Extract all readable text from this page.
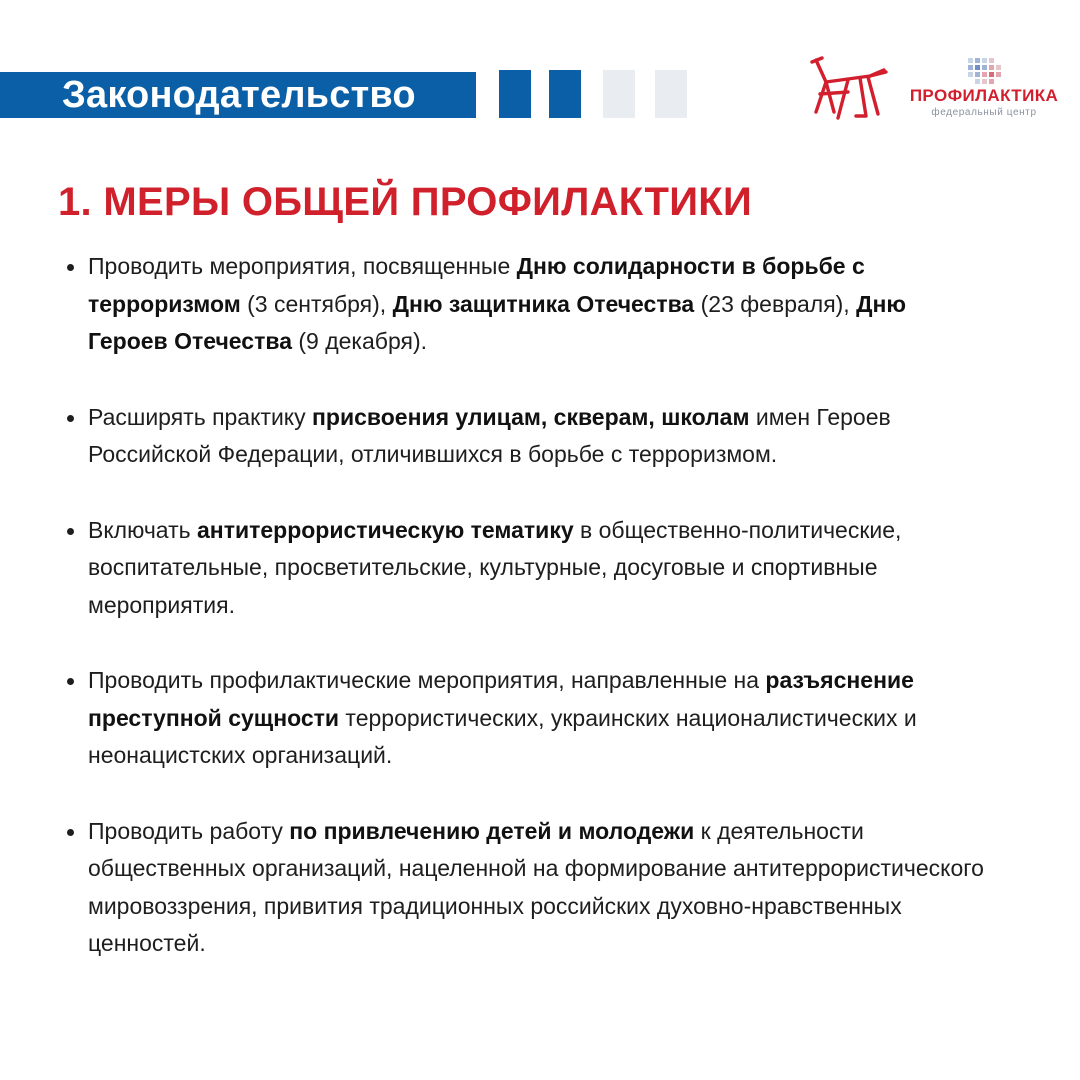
Законодательство	ПРОФИЛАКТИКА
федеральный центр
1. МЕРЫ ОБЩЕЙ ПРОФИЛАКТИКИ
Проводить мероприятия, посвященные Дню солидарности в борьбе с терроризмом (3 сентября), Дню защитника Отечества (23 февраля), Дню Героев Отечества (9 декабря).
Расширять практику присвоения улицам, скверам, школам имен Героев Российской Федерации, отличившихся в борьбе с терроризмом.
Включать антитеррористическую тематику в общественно-политические, воспитательные, просветительские, культурные, досуговые и спортивные мероприятия.
Проводить профилактические мероприятия, направленные на разъяснение преступной сущности террористических, украинских националистических и неонацистских организаций.
Проводить работу по привлечению детей и молодежи к деятельности общественных организаций, нацеленной на формирование антитеррористического мировоззрения, привития традиционных российских духовно-нравственных ценностей.
